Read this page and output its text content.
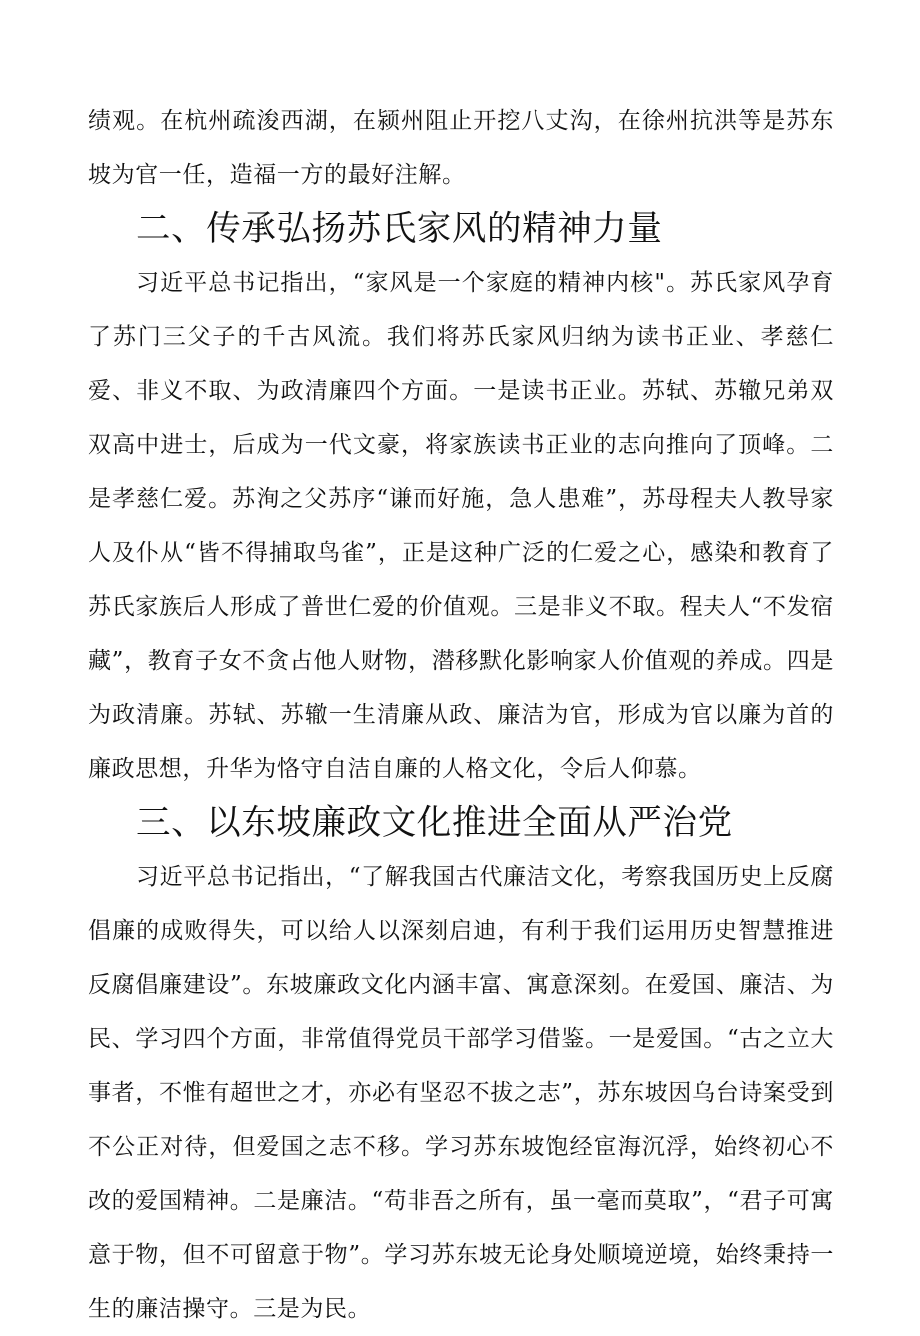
绩观。在杭州疏浚西湖，在颍州阻止开挖八丈沟，在徐州抗洪等是苏东坡为官一任，造福一方的最好注解。

二、传承弘扬苏氏家风的精神力量

习近平总书记指出，“家风是一个家庭的精神内核"。苏氏家风孕育了苏门三父子的千古风流。我们将苏氏家风归纳为读书正业、孝慈仁爱、非义不取、为政清廉四个方面。一是读书正业。苏轼、苏辙兄弟双双高中进士，后成为一代文豪，将家族读书正业的志向推向了顶峰。二是孝慈仁爱。苏洵之父苏序“谦而好施，急人患难”，苏母程夫人教导家人及仆从“皆不得捕取鸟雀”，正是这种广泛的仁爱之心，感染和教育了苏氏家族后人形成了普世仁爱的价值观。三是非义不取。程夫人“不发宿藏”，教育子女不贪占他人财物，潜移默化影响家人价值观的养成。四是为政清廉。苏轼、苏辙一生清廉从政、廉洁为官，形成为官以廉为首的廉政思想，升华为恪守自洁自廉的人格文化，令后人仰慕。

三、以东坡廉政文化推进全面从严治党

习近平总书记指出，“了解我国古代廉洁文化，考察我国历史上反腐倡廉的成败得失，可以给人以深刻启迪，有利于我们运用历史智慧推进反腐倡廉建设”。东坡廉政文化内涵丰富、寓意深刻。在爱国、廉洁、为民、学习四个方面，非常值得党员干部学习借鉴。一是爱国。“古之立大事者，不惟有超世之才，亦必有坚忍不拔之志”，苏东坡因乌台诗案受到不公正对待，但爱国之志不移。学习苏东坡饱经宦海沉浮，始终初心不改的爱国精神。二是廉洁。“苟非吾之所有，虽一毫而莫取”，“君子可寓意于物，但不可留意于物”。学习苏东坡无论身处顺境逆境，始终秉持一生的廉洁操守。三是为民。
